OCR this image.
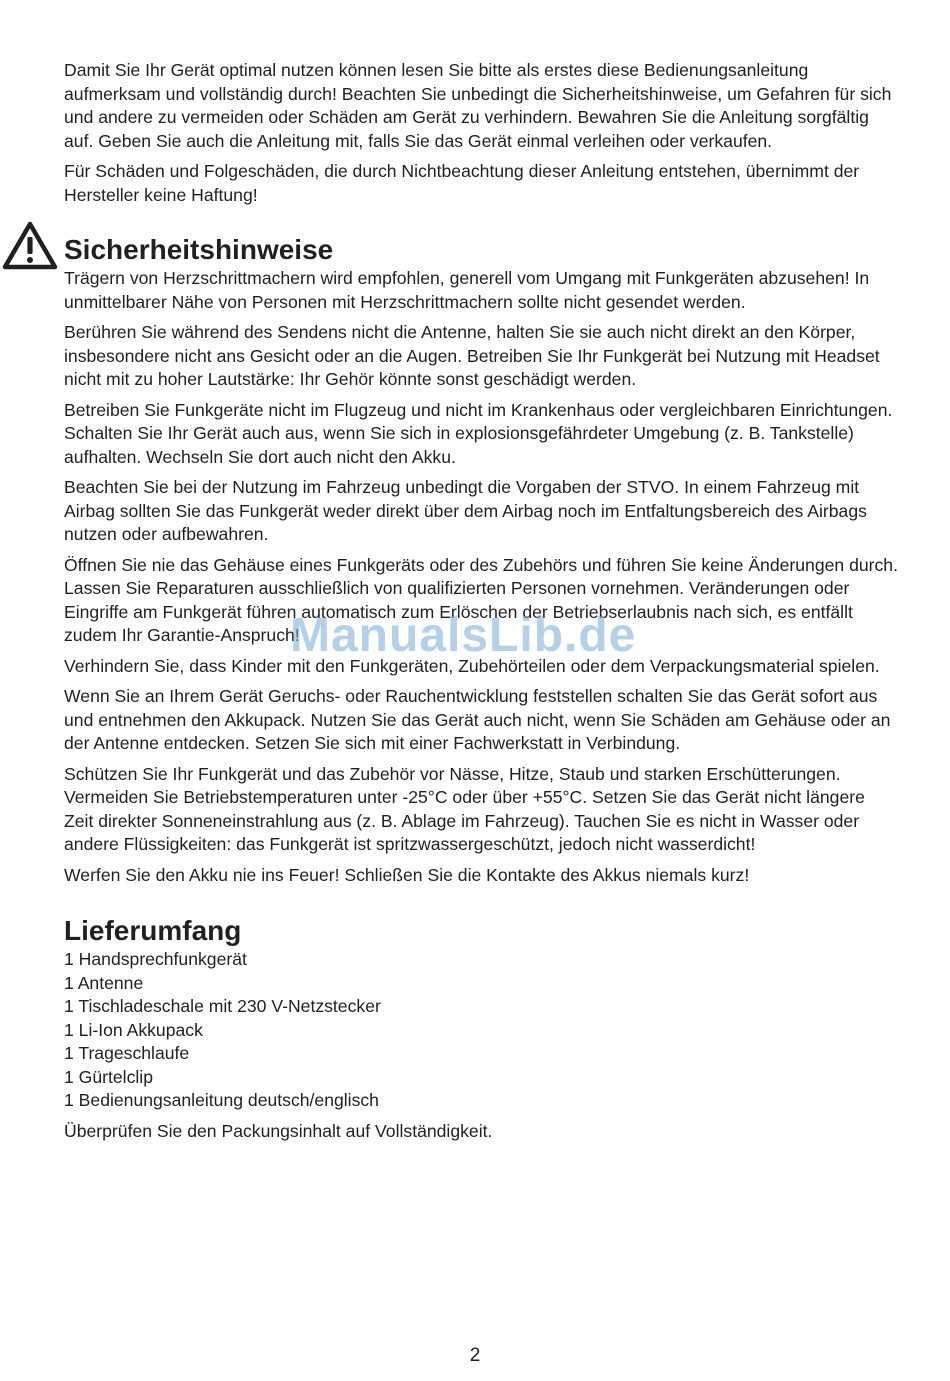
Damit Sie Ihr Gerät optimal nutzen können lesen Sie bitte als erstes diese Bedienungsanleitung aufmerksam und vollständig durch! Beachten Sie unbedingt die Sicherheitshinweise, um Gefahren für sich und andere zu vermeiden oder Schäden am Gerät zu verhindern. Bewahren Sie die Anleitung sorgfältig auf. Geben Sie auch die Anleitung mit, falls Sie das Gerät einmal verleihen oder verkaufen.

Für Schäden und Folgeschäden, die durch Nichtbeachtung dieser Anleitung entstehen, übernimmt der Hersteller keine Haftung!

Sicherheitshinweise

Trägern von Herzschrittmachern wird empfohlen, generell vom Umgang mit Funkgeräten abzusehen! In unmittelbarer Nähe von Personen mit Herzschrittmachern sollte nicht gesendet werden.

Berühren Sie während des Sendens nicht die Antenne, halten Sie sie auch nicht direkt an den Körper, insbesondere nicht ans Gesicht oder an die Augen. Betreiben Sie Ihr Funkgerät bei Nutzung mit Headset nicht mit zu hoher Lautstärke: Ihr Gehör könnte sonst geschädigt werden.

Betreiben Sie Funkgeräte nicht im Flugzeug und nicht im Krankenhaus oder vergleichbaren Einrichtungen. Schalten Sie Ihr Gerät auch aus, wenn Sie sich in explosionsgefährdeter Umgebung (z. B. Tankstelle) aufhalten. Wechseln Sie dort auch nicht den Akku.

Beachten Sie bei der Nutzung im Fahrzeug unbedingt die Vorgaben der STVO. In einem Fahrzeug mit Airbag sollten Sie das Funkgerät weder direkt über dem Airbag noch im Entfaltungsbereich des Airbags nutzen oder aufbewahren.

Öffnen Sie nie das Gehäuse eines Funkgeräts oder des Zubehörs und führen Sie keine Änderungen durch. Lassen Sie Reparaturen ausschließlich von qualifizierten Personen vornehmen. Veränderungen oder Eingriffe am Funkgerät führen automatisch zum Erlöschen der Betriebserlaubnis nach sich, es entfällt zudem Ihr Garantie-Anspruch!

Verhindern Sie, dass Kinder mit den Funkgeräten, Zubehörteilen oder dem Verpackungsmaterial spielen.

Wenn Sie an Ihrem Gerät Geruchs- oder Rauchentwicklung feststellen schalten Sie das Gerät sofort aus und entnehmen den Akkupack. Nutzen Sie das Gerät auch nicht, wenn Sie Schäden am Gehäuse oder an der Antenne entdecken. Setzen Sie sich mit einer Fachwerkstatt in Verbindung.

Schützen Sie Ihr Funkgerät und das Zubehör vor Nässe, Hitze, Staub und starken Erschütterungen. Vermeiden Sie Betriebstemperaturen unter -25°C oder über +55°C. Setzen Sie das Gerät nicht längere Zeit direkter Sonneneinstrahlung aus (z. B. Ablage im Fahrzeug). Tauchen Sie es nicht in Wasser oder andere Flüssigkeiten: das Funkgerät ist spritzwassergeschützt, jedoch nicht wasserdicht!

Werfen Sie den Akku nie ins Feuer! Schließen Sie die Kontakte des Akkus niemals kurz!

Lieferumfang
1 Handsprechfunkgerät
1 Antenne
1 Tischladeschale mit 230 V-Netzstecker
1 Li-Ion Akkupack
1 Trageschlaufe
1 Gürtelclip
1 Bedienungsanleitung deutsch/englisch

Überprüfen Sie den Packungsinhalt auf Vollständigkeit.

ManualsLib.de
2
